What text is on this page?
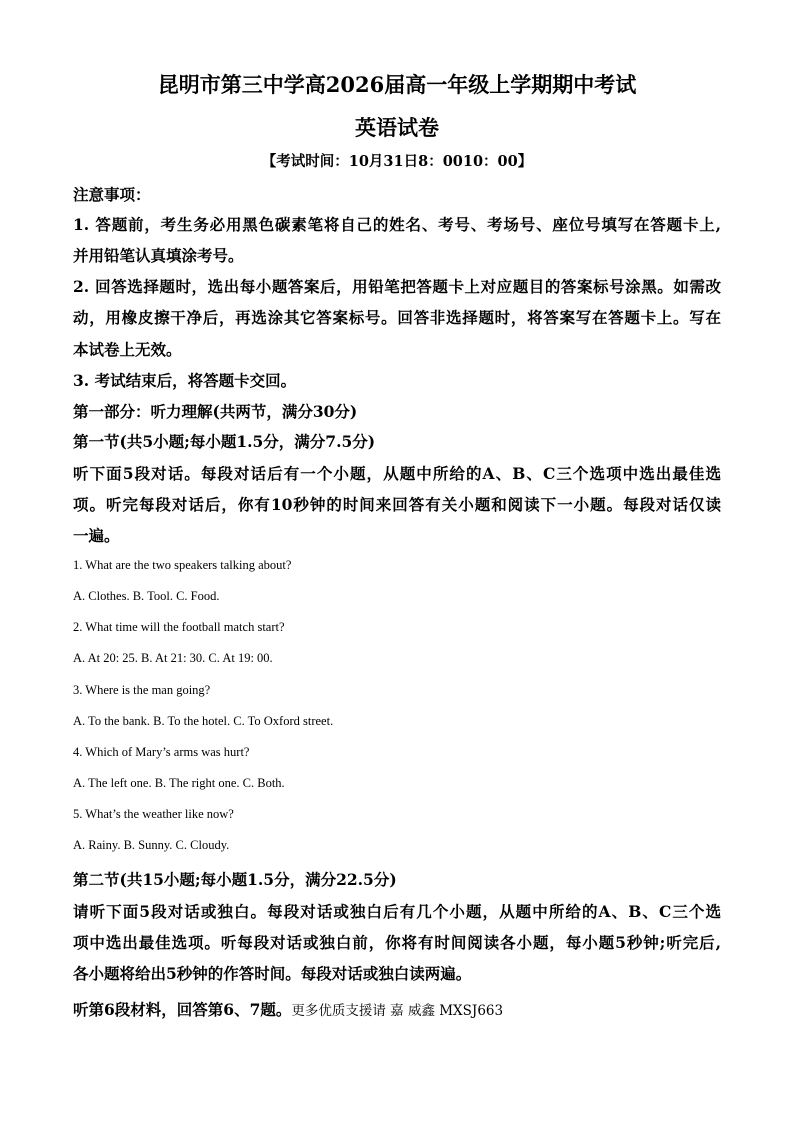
昆明市第三中学高2026届高一年级上学期期中考试
英语试卷
【考试时间：10月31日8：0010：00】
注意事项：
1. 答题前，考生务必用黑色碳素笔将自己的姓名、考号、考场号、座位号填写在答题卡上,
并用铅笔认真填涂考号。
2. 回答选择题时，选出每小题答案后，用铅笔把答题卡上对应题目的答案标号涂黑。如需改
动，用橡皮擦干净后，再选涂其它答案标号。回答非选择题时，将答案写在答题卡上。写在
本试卷上无效。
3. 考试结束后，将答题卡交回。
第一部分：听力理解(共两节，满分30分)
第一节(共5小题;每小题1.5分，满分7.5分)
听下面5段对话。每段对话后有一个小题，从题中所给的A、B、C三个选项中选出最佳选
项。听完每段对话后，你有10秒钟的时间来回答有关小题和阅读下一小题。每段对话仅读
一遍。
1. What are the two speakers talking about?
A. Clothes. B. Tool. C. Food.
2. What time will the football match start?
A. At 20: 25. B. At 21: 30. C. At 19: 00.
3. Where is the man going?
A. To the bank. B. To the hotel. C. To Oxford street.
4. Which of Mary’s arms was hurt?
A. The left one. B. The right one. C. Both.
5. What’s the weather like now?
A. Rainy. B. Sunny. C. Cloudy.
第二节(共15小题;每小题1.5分，满分22.5分)
请听下面5段对话或独白。每段对话或独白后有几个小题，从题中所给的A、B、C三个选
项中选出最佳选项。听每段对话或独白前，你将有时间阅读各小题，每小题5秒钟;听完后,
各小题将给出5秒钟的作答时间。每段对话或独白读两遍。
听第6段材料，回答第6、7题。更多优质支援请 嘉 威鑫 MXSJ663
